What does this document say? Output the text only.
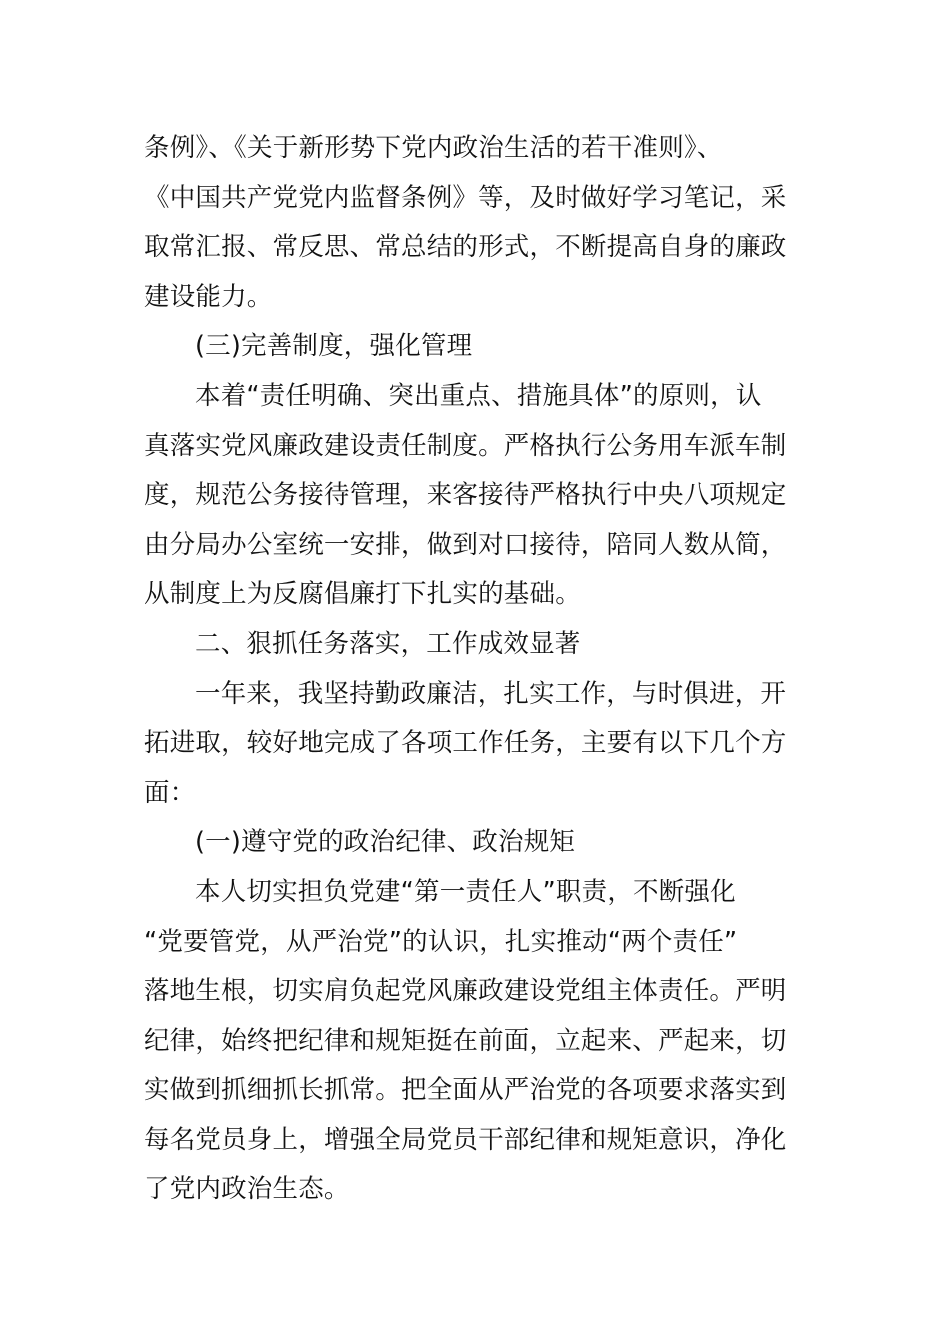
条例》、《关于新形势下党内政治生活的若干准则》、
《中国共产党党内监督条例》等，及时做好学习笔记，采
取常汇报、常反思、常总结的形式，不断提高自身的廉政
建设能力。
(三)完善制度，强化管理
本着“责任明确、突出重点、措施具体”的原则，认
真落实党风廉政建设责任制度。严格执行公务用车派车制
度，规范公务接待管理，来客接待严格执行中央八项规定
由分局办公室统一安排，做到对口接待，陪同人数从简，
从制度上为反腐倡廉打下扎实的基础。
二、狠抓任务落实，工作成效显著
一年来，我坚持勤政廉洁，扎实工作，与时俱进，开
拓进取，较好地完成了各项工作任务，主要有以下几个方
面：
(一)遵守党的政治纪律、政治规矩
本人切实担负党建“第一责任人”职责，不断强化
“党要管党，从严治党”的认识，扎实推动“两个责任”
落地生根，切实肩负起党风廉政建设党组主体责任。严明
纪律，始终把纪律和规矩挺在前面，立起来、严起来，切
实做到抓细抓长抓常。把全面从严治党的各项要求落实到
每名党员身上，增强全局党员干部纪律和规矩意识，净化
了党内政治生态。
